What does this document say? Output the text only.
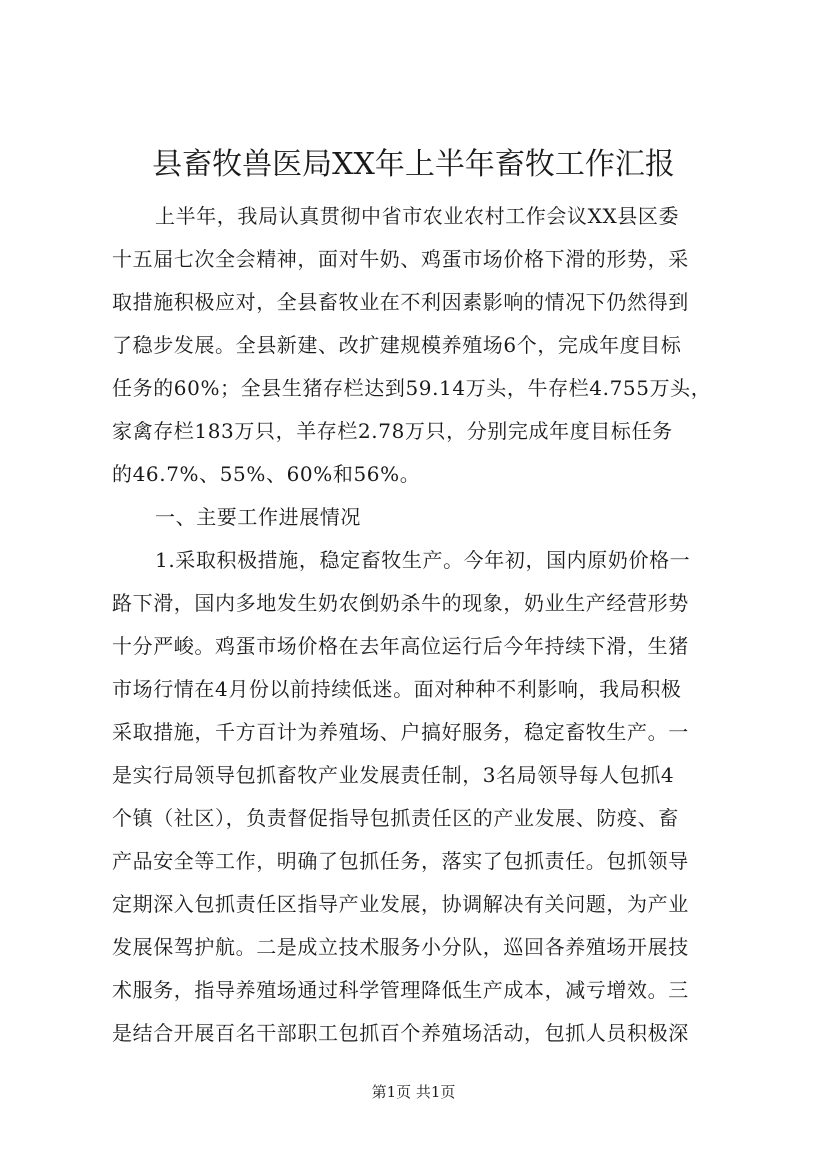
县畜牧兽医局XX年上半年畜牧工作汇报
上半年，我局认真贯彻中省市农业农村工作会议XX县区委
十五届七次全会精神，面对牛奶、鸡蛋市场价格下滑的形势，采
取措施积极应对，全县畜牧业在不利因素影响的情况下仍然得到
了稳步发展。全县新建、改扩建规模养殖场6个，完成年度目标
任务的60%；全县生猪存栏达到59.14万头，牛存栏4.755万头，
家禽存栏183万只，羊存栏2.78万只，分别完成年度目标任务
的46.7%、55%、60%和56%。
一、主要工作进展情况
1.采取积极措施，稳定畜牧生产。今年初，国内原奶价格一
路下滑，国内多地发生奶农倒奶杀牛的现象，奶业生产经营形势
十分严峻。鸡蛋市场价格在去年高位运行后今年持续下滑，生猪
市场行情在4月份以前持续低迷。面对种种不利影响，我局积极
采取措施，千方百计为养殖场、户搞好服务，稳定畜牧生产。一
是实行局领导包抓畜牧产业发展责任制，3名局领导每人包抓4
个镇（社区），负责督促指导包抓责任区的产业发展、防疫、畜
产品安全等工作，明确了包抓任务，落实了包抓责任。包抓领导
定期深入包抓责任区指导产业发展，协调解决有关问题，为产业
发展保驾护航。二是成立技术服务小分队，巡回各养殖场开展技
术服务，指导养殖场通过科学管理降低生产成本，减亏增效。三
是结合开展百名干部职工包抓百个养殖场活动，包抓人员积极深
第1页 共1页
